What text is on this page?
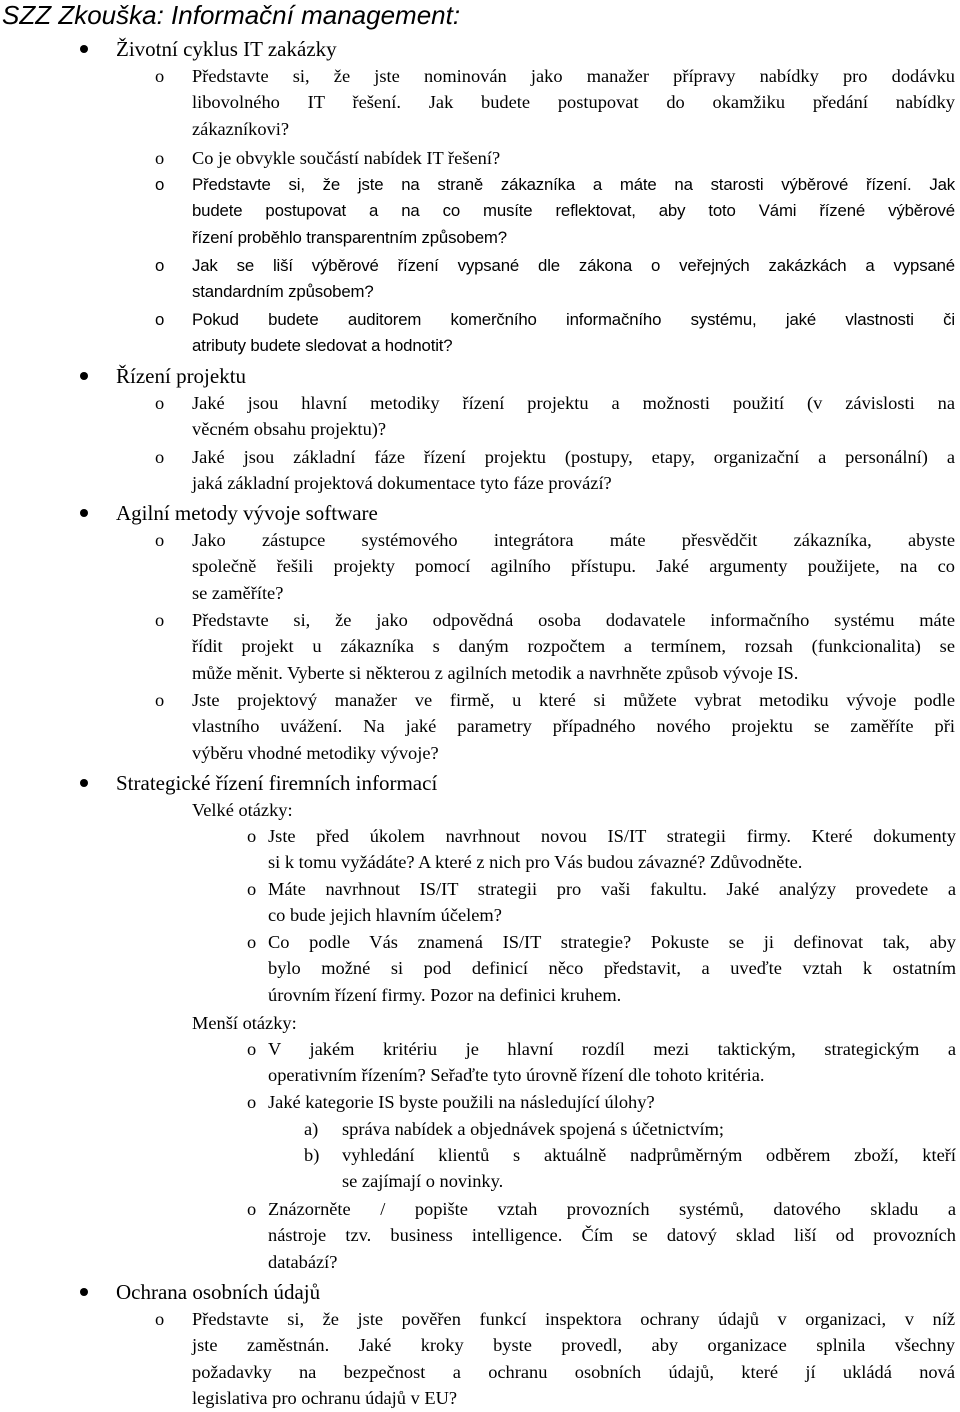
SZZ Zkouška: Informační management:
Životní cyklus IT zakázky
o Představte si, že jste nominován jako manažer přípravy nabídky pro dodávku
libovolného IT řešení. Jak budete postupovat do okamžiku předání nabídky
zákazníkovi?
o Co je obvykle součástí nabídek IT řešení?
o Představte si, že jste na straně zákazníka a máte na starosti výběrové řízení. Jak
budete postupovat a na co musíte reflektovat, aby toto Vámi řízené výběrové
řízení proběhlo transparentním způsobem?
o Jak se liší výběrové řízení vypsané dle zákona o veřejných zakázkách a vypsané
standardním způsobem?
o Pokud budete auditorem komerčního informačního systému, jaké vlastnosti či
atributy budete sledovat a hodnotit?
Řízení projektu
o Jaké jsou hlavní metodiky řízení projektu a možnosti použití (v závislosti na
věcném obsahu projektu)?
o Jaké jsou základní fáze řízení projektu (postupy, etapy, organizační a personální) a
jaká základní projektová dokumentace tyto fáze provází?
Agilní metody vývoje software
o Jako zástupce systémového integrátora máte přesvědčit zákazníka, abyste
společně řešili projekty pomocí agilního přístupu. Jaké argumenty použijete, na co
se zaměříte?
o Představte si, že jako odpovědná osoba dodavatele informačního systému máte
řídit projekt u zákazníka s daným rozpočtem a termínem, rozsah (funkcionalita) se
může měnit. Vyberte si některou z agilních metodik a navrhněte způsob vývoje IS.
o Jste projektový manažer ve firmě, u které si můžete vybrat metodiku vývoje podle
vlastního uvážení. Na jaké parametry případného nového projektu se zaměříte při
výběru vhodné metodiky vývoje?
Strategické řízení firemních informací
Velké otázky:
o Jste před úkolem navrhnout novou IS/IT strategii firmy. Které dokumenty
si k tomu vyžádáte? A které z nich pro Vás budou závazné? Zdůvodněte.
o Máte navrhnout IS/IT strategii pro vaši fakultu. Jaké analýzy provedete a
co bude jejich hlavním účelem?
o Co podle Vás znamená IS/IT strategie? Pokuste se ji definovat tak, aby
bylo možné si pod definicí něco představit, a uveďte vztah k ostatním
úrovním řízení firmy. Pozor na definici kruhem.
Menší otázky:
o V jakém kritériu je hlavní rozdíl mezi taktickým, strategickým a
operativním řízením? Seřaďte tyto úrovně řízení dle tohoto kritéria.
o Jaké kategorie IS byste použili na následující úlohy?
a) správa nabídek a objednávek spojená s účetnictvím;
b) vyhledání klientů s aktuálně nadprůměrným odběrem zboží, kteří
se zajímají o novinky.
o Znázorněte / popište vztah provozních systémů, datového skladu a
nástroje tzv. business intelligence. Čím se datový sklad liší od provozních
databází?
Ochrana osobních údajů
o Představte si, že jste pověřen funkcí inspektora ochrany údajů v organizaci, v níž
jste zaměstnán. Jaké kroky byste provedl, aby organizace splnila všechny
požadavky na bezpečnost a ochranu osobních údajů, které jí ukládá nová
legislativa pro ochranu údajů v EU?
